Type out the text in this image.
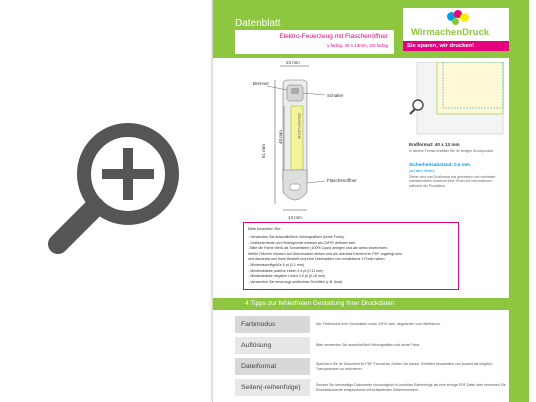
Datenblatt
Elektro-Feuerzeug mit Flaschenöffner
1-farbig, 40 x 13mm, 4/0 farbig
WirmachenDruck
Sie sparen, wir drucken!
23 mm
DRUCKFLÄCHE
61 mm
40 mm
13 mm
Brenner
Schalter
Flaschenöffner
Endformat: 40 x 13 mm
In diesem Format erstellen Sie Ihr fertiges Druckprodukt.
Sicherheitsabstand: 0,5 mm
(auf allen Seiten)
Dieser wird vom Endformat aus gemessen und verhindert unerwünschten Anschnitt Ihrer Texte und Informationen während der Produktion.
Bitte beachten Sie:
- Verwenden Sie ausschließlich Vektorgrafiken (keine Fotos).
- Grafikelemente und Hintergründe müssen als CMYK definiert sein.
- Bitte die Farbe Weiß als Sonderfarbe (100% Cyan) anlegen und als weiss bezeichnen.
Weiße Flächen müssen auf Überdrucken stehen und als oberstes Element im PDF angelegt sein.
und dasheisst uns Ihren Bestellt und eine Linienstärke von mindestens 1 Punkt haben.
- Mindestschriftgröße 6 pt (2,1 mm)
- Mindeststärke positive Linien 0,3 pt (0,11 mm)
- Mindeststärke negative Linien 0,5 pt (0,18 mm)
- Verwenden Sie bevorzugt serifenlose Schriften (z.B. Arial).
4 Tipps zur fehlerfreien Gestaltung Ihrer Druckdaten
Farbmodus	Der Farbmodus Ihrer Druckdaten muss CMYK sein, abgesehen vom Weißdruck.
Auflösung	Bitte verwenden Sie ausschließlich Vektorgrafiken und keine Fotos.
Dateiformat	Speichern Sie Ihr Dokument im PDF-Format ab. Achten Sie darauf, Schriften einzubetten und (soweit als möglich) Transparenzen zu reduzieren.
Seiten(-reihenfolge)	Senden Sie mehrseitige Dokumente chronologisch in korrekter Reihenfolge als eine einzige PDF-Datei oder benennen Sie Einzeldokumente entsprechend mit fortlaufenden Seitennummern.
